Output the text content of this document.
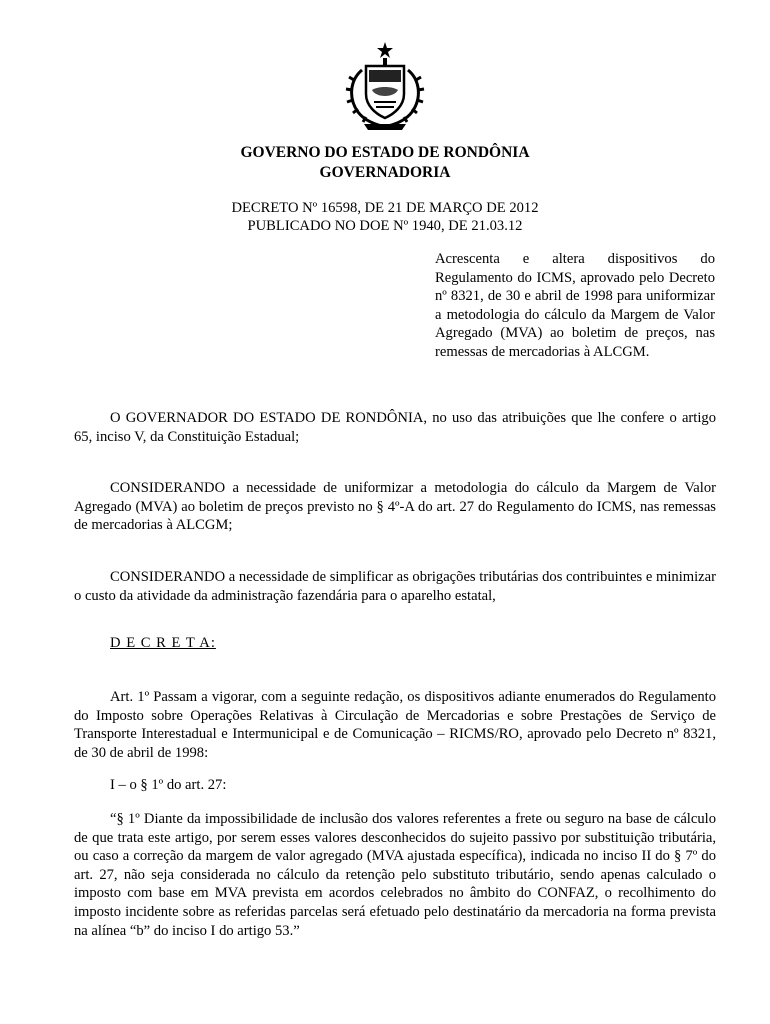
GOVERNO DO ESTADO DE RONDÔNIA
GOVERNADORIA
DECRETO Nº 16598, DE 21 DE MARÇO DE 2012
PUBLICADO NO DOE Nº 1940, DE 21.03.12
Acrescenta e altera dispositivos do Regulamento do ICMS, aprovado pelo Decreto nº 8321, de 30 e abril de 1998 para uniformizar a metodologia do cálculo da Margem de Valor Agregado (MVA) ao boletim de preços, nas remessas de mercadorias à ALCGM.
O GOVERNADOR DO ESTADO DE RONDÔNIA, no uso das atribuições que lhe confere o artigo 65, inciso V, da Constituição Estadual;
CONSIDERANDO a necessidade de uniformizar a metodologia do cálculo da Margem de Valor Agregado (MVA) ao boletim de preços previsto no § 4º-A do art. 27 do Regulamento do ICMS, nas remessas de mercadorias à ALCGM;
CONSIDERANDO a necessidade de simplificar as obrigações tributárias dos contribuintes e minimizar o custo da atividade da administração fazendária para o aparelho estatal,
D E C R E T A:
Art. 1º Passam a vigorar, com a seguinte redação, os dispositivos adiante enumerados do Regulamento do Imposto sobre Operações Relativas à Circulação de Mercadorias e sobre Prestações de Serviço de Transporte Interestadual e Intermunicipal e de Comunicação – RICMS/RO, aprovado pelo Decreto nº 8321, de 30 de abril de 1998:
I – o § 1º do art. 27:
“§ 1º Diante da impossibilidade de inclusão dos valores referentes a frete ou seguro na base de cálculo de que trata este artigo, por serem esses valores desconhecidos do sujeito passivo por substituição tributária, ou caso a correção da margem de valor agregado (MVA ajustada específica), indicada no inciso II do § 7º do art. 27, não seja considerada no cálculo da retenção pelo substituto tributário, sendo apenas calculado o imposto com base em MVA prevista em acordos celebrados no âmbito do CONFAZ, o recolhimento do imposto incidente sobre as referidas parcelas será efetuado pelo destinatário da mercadoria na forma prevista na alínea “b” do inciso I do artigo 53.”
